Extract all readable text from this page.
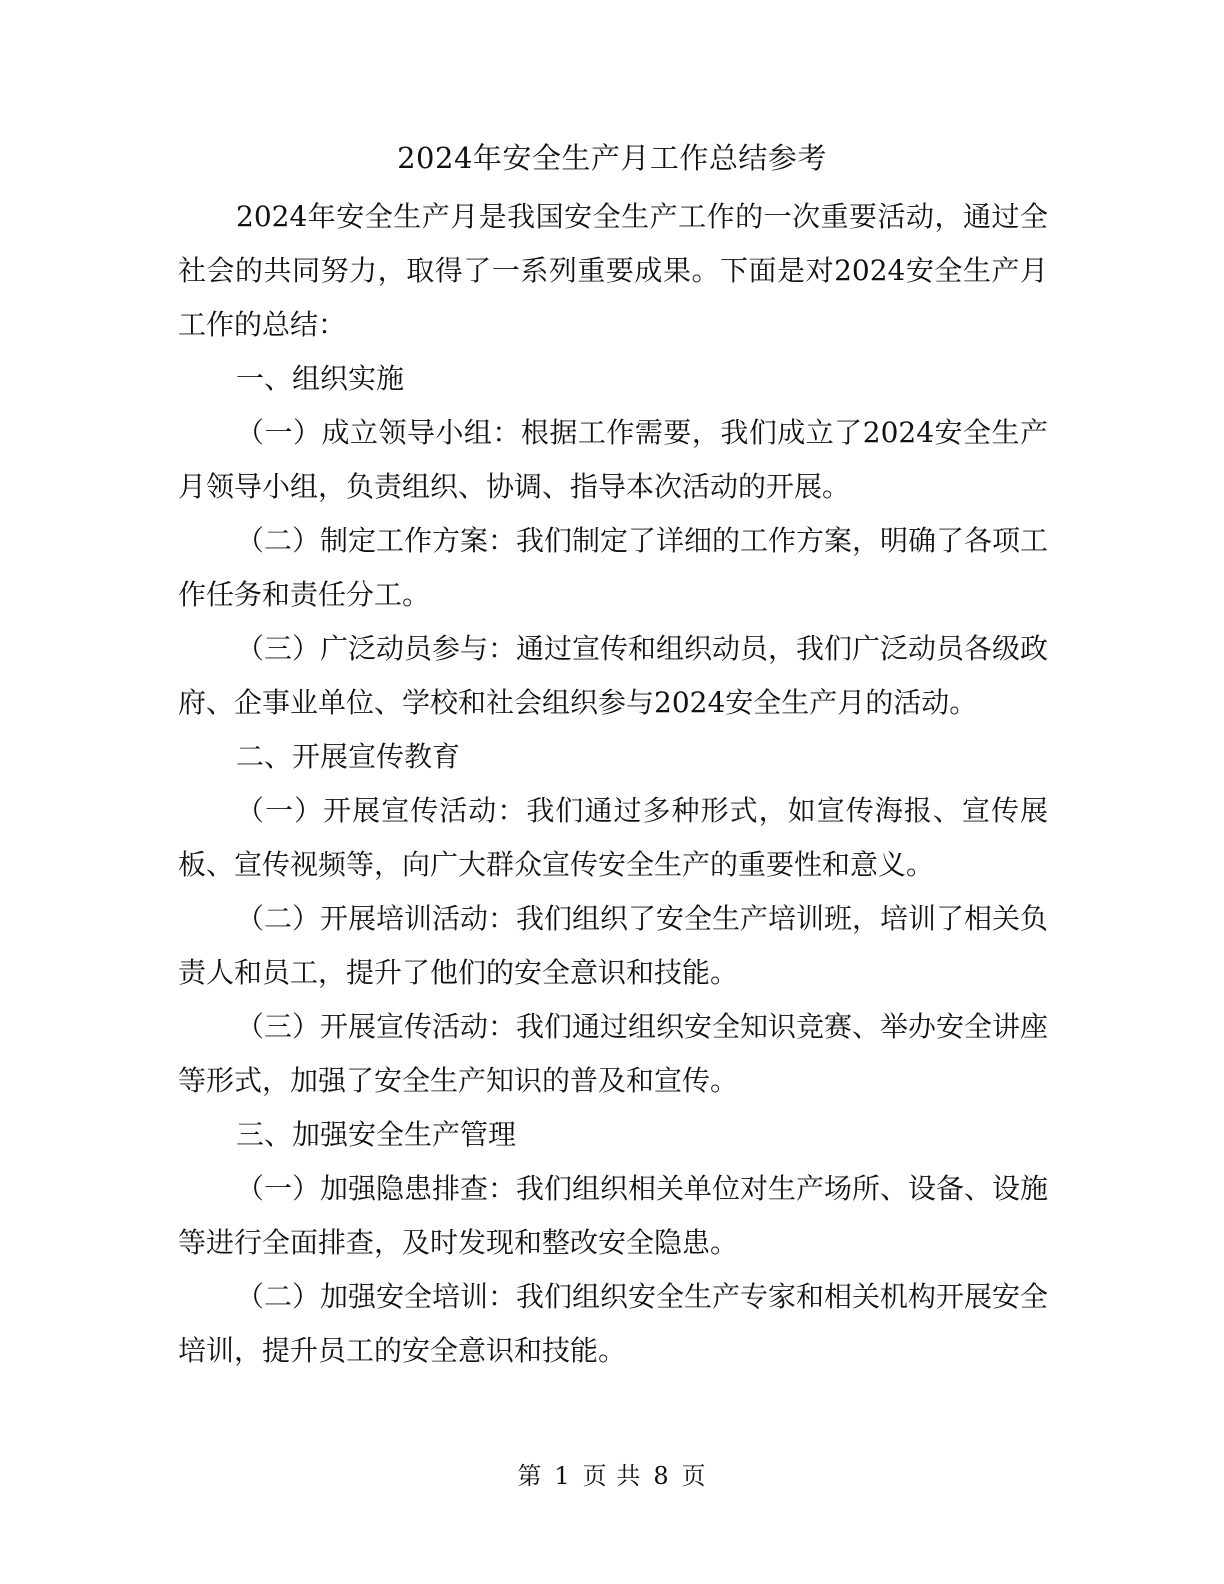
2024年安全生产月工作总结参考

2024年安全生产月是我国安全生产工作的一次重要活动，通过全社会的共同努力，取得了一系列重要成果。下面是对2024安全生产月工作的总结：

一、组织实施

（一）成立领导小组：根据工作需要，我们成立了2024安全生产月领导小组，负责组织、协调、指导本次活动的开展。

（二）制定工作方案：我们制定了详细的工作方案，明确了各项工作任务和责任分工。

（三）广泛动员参与：通过宣传和组织动员，我们广泛动员各级政府、企事业单位、学校和社会组织参与2024安全生产月的活动。

二、开展宣传教育

（一）开展宣传活动：我们通过多种形式，如宣传海报、宣传展板、宣传视频等，向广大群众宣传安全生产的重要性和意义。

（二）开展培训活动：我们组织了安全生产培训班，培训了相关负责人和员工，提升了他们的安全意识和技能。

（三）开展宣传活动：我们通过组织安全知识竞赛、举办安全讲座等形式，加强了安全生产知识的普及和宣传。

三、加强安全生产管理

（一）加强隐患排查：我们组织相关单位对生产场所、设备、设施等进行全面排查，及时发现和整改安全隐患。

（二）加强安全培训：我们组织安全生产专家和相关机构开展安全培训，提升员工的安全意识和技能。

第 1 页 共 8 页
